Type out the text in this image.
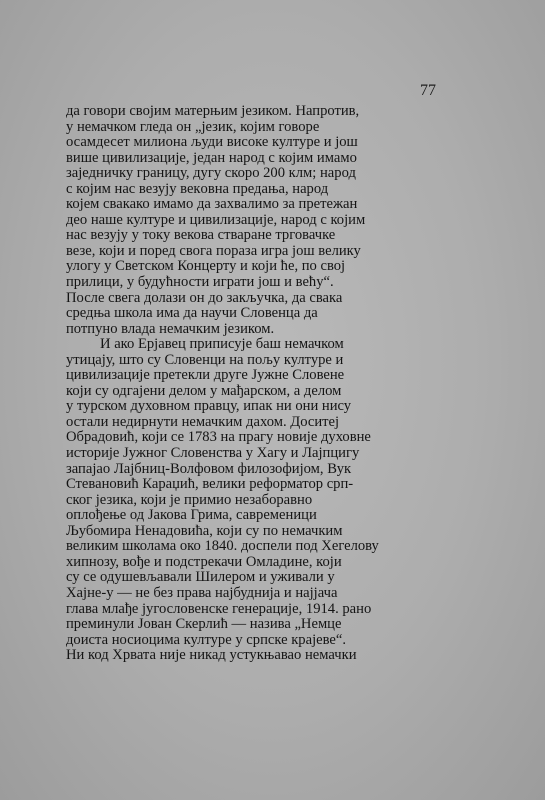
77
да говори својим матерњим језиком. Напротив,
у немачком гледа он „језик, којим говоре
осамдесет милиона људи високе културе и још
више цивилизације, један народ с којим имамо
заједничку границу, дугу скоро 200 клм; народ
с којим нас везују векoвна предања, народ
којем свакако имамо да захвалимо за претежан
део наше културе и цивилизације, народ с којим
нас везују у току векова стваране трговачке
везе, који и поред свога пораза игра још велику
улогу у Светском Концерту и који ће, по свој
прилици, у будућности играти још и већу“.
После свега долази он до закључка, да свака
средња школа има да научи Словенца да
потпуно влада немачким језиком.
И ако Ерјавец приписује баш немачком
утицају, што су Словенци на пољу културе и
цивилизације претекли друге Јужне Словене
који су одгајени делом у мађарском, а делом
у турском духовном правцу, ипак ни они нису
остали недирнути немачким дахом. Доситеј
Обрадовић, који се 1783 на прагу новије духовне
историје Јужног Словенства у Хагу и Лајпцигу
запајао Лајбниц-Волфовом филозофијом, Вук
Стевановић Караџић, велики реформатор срп-
ског језика, који је примио незаборавно
оплођење од Јакова Грима, савременици
Љубомира Ненадовића, који су по немачким
великим школама око 1840. доспели под Хегелову
хипнозу, вође и подстрекачи Омладине, који
су се одушевљавали Шилером и уживали у
Хајне-у — не без права најбуднија и најјача
глава млађе југословенске генерације, 1914. рано
преминули Јован Скерлић — назива „Немце
доиста носиоцима културе у српске крајеве“.
Ни код Хрвата није никад устукњавао немачки
